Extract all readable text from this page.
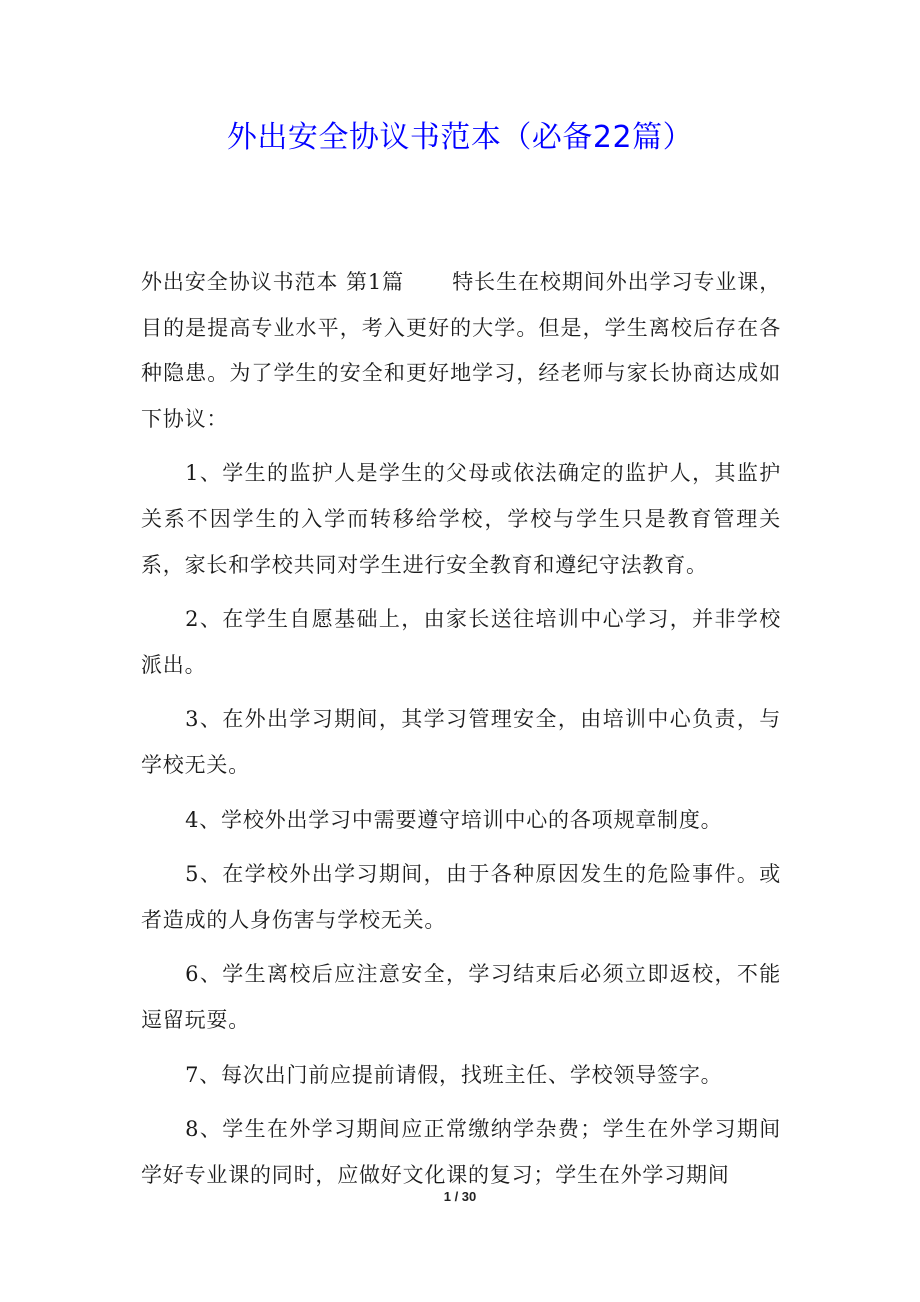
外出安全协议书范本（必备22篇）

外出安全协议书范本 第1篇 特长生在校期间外出学习专业课，目的是提高专业水平，考入更好的大学。但是，学生离校后存在各种隐患。为了学生的安全和更好地学习，经老师与家长协商达成如下协议：

1、学生的监护人是学生的父母或依法确定的监护人，其监护关系不因学生的入学而转移给学校，学校与学生只是教育管理关系，家长和学校共同对学生进行安全教育和遵纪守法教育。

2、在学生自愿基础上，由家长送往培训中心学习，并非学校派出。

3、在外出学习期间，其学习管理安全，由培训中心负责，与学校无关。

4、学校外出学习中需要遵守培训中心的各项规章制度。

5、在学校外出学习期间，由于各种原因发生的危险事件。或者造成的人身伤害与学校无关。

6、学生离校后应注意安全，学习结束后必须立即返校，不能逗留玩耍。

7、每次出门前应提前请假，找班主任、学校领导签字。

8、学生在外学习期间应正常缴纳学杂费；学生在外学习期间学好专业课的同时，应做好文化课的复习；学生在外学习期间

1 / 30
